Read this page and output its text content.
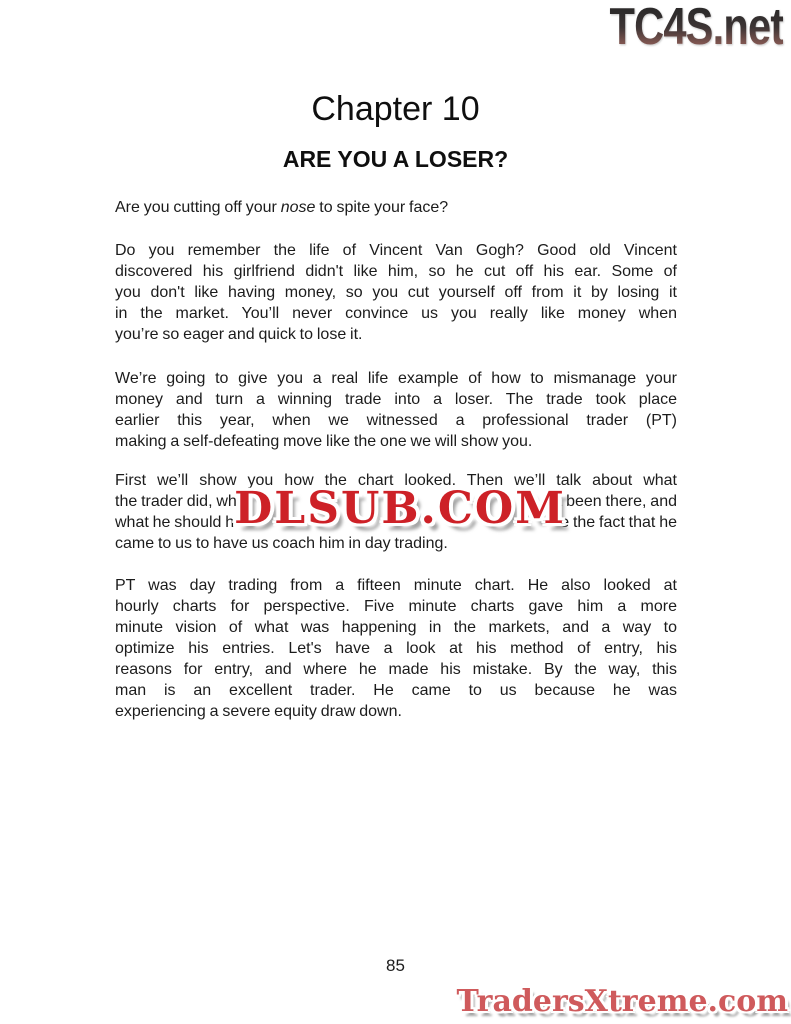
TC4S.net
Chapter 10
ARE YOU A LOSER?
Are you cutting off your nose to spite your face?
Do you remember the life of Vincent Van Gogh? Good old Vincent
discovered his girlfriend didn't like him, so he cut off his ear. Some of
you don't like having money, so you cut yourself off from it by losing it
in the market. You’ll never convince us you really like money when
you’re so eager and quick to lose it.
We’re going to give you a real life example of how to mismanage your
money and turn a winning trade into a loser. The trade took place
earlier this year, when we witnessed a professional trader (PT)
making a self-defeating move like the one we will show you.
First we’ll show you how the chart looked. Then we’ll talk about what
the trader did, wh	t been there, and
what he should h	e the fact that he
came to us to have us coach him in day trading.
PT was day trading from a fifteen minute chart. He also looked at
hourly charts for perspective. Five minute charts gave him a more
minute vision of what was happening in the markets, and a way to
optimize his entries. Let's have a look at his method of entry, his
reasons for entry, and where he made his mistake. By the way, this
man is an excellent trader. He came to us because he was
experiencing a severe equity draw down.
DLSUB.COM
85
TradersXtreme.com
